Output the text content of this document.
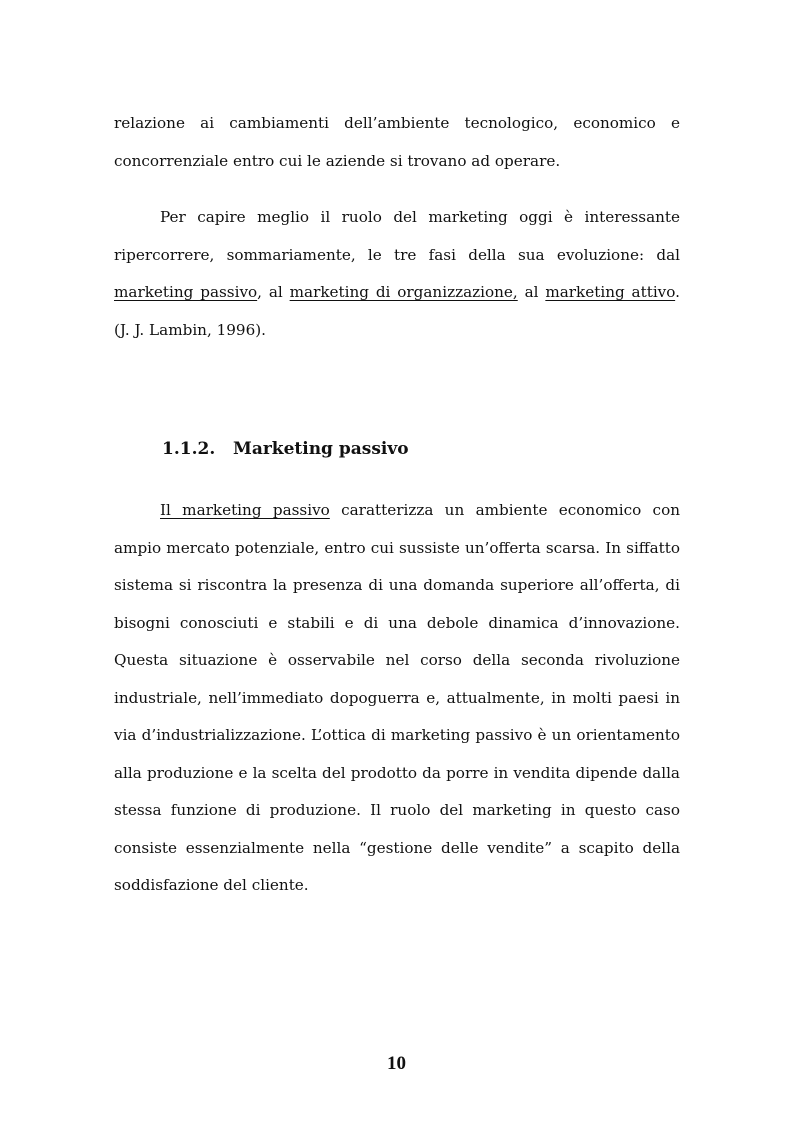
relazione ai cambiamenti dell’ambiente tecnologico, economico e concorrenziale entro cui le aziende si trovano ad operare.

Per capire meglio il ruolo del marketing oggi è interessante ripercorrere, sommariamente, le tre fasi della sua evoluzione: dal marketing passivo, al marketing di organizzazione, al marketing attivo. (J. J. Lambin, 1996).

1.1.2. Marketing passivo

Il marketing passivo caratterizza un ambiente economico con ampio mercato potenziale, entro cui sussiste un’offerta scarsa. In siffatto sistema si riscontra la presenza di una domanda superiore all’offerta, di bisogni conosciuti e stabili e di una debole dinamica d’innovazione. Questa situazione è osservabile nel corso della seconda rivoluzione industriale, nell’immediato dopoguerra e, attualmente, in molti paesi in via d’industrializzazione. L’ottica di marketing passivo è un orientamento alla produzione e la scelta del prodotto da porre in vendita dipende dalla stessa funzione di produzione. Il ruolo del marketing in questo caso consiste essenzialmente nella “gestione delle vendite” a scapito della soddisfazione del cliente.

10
